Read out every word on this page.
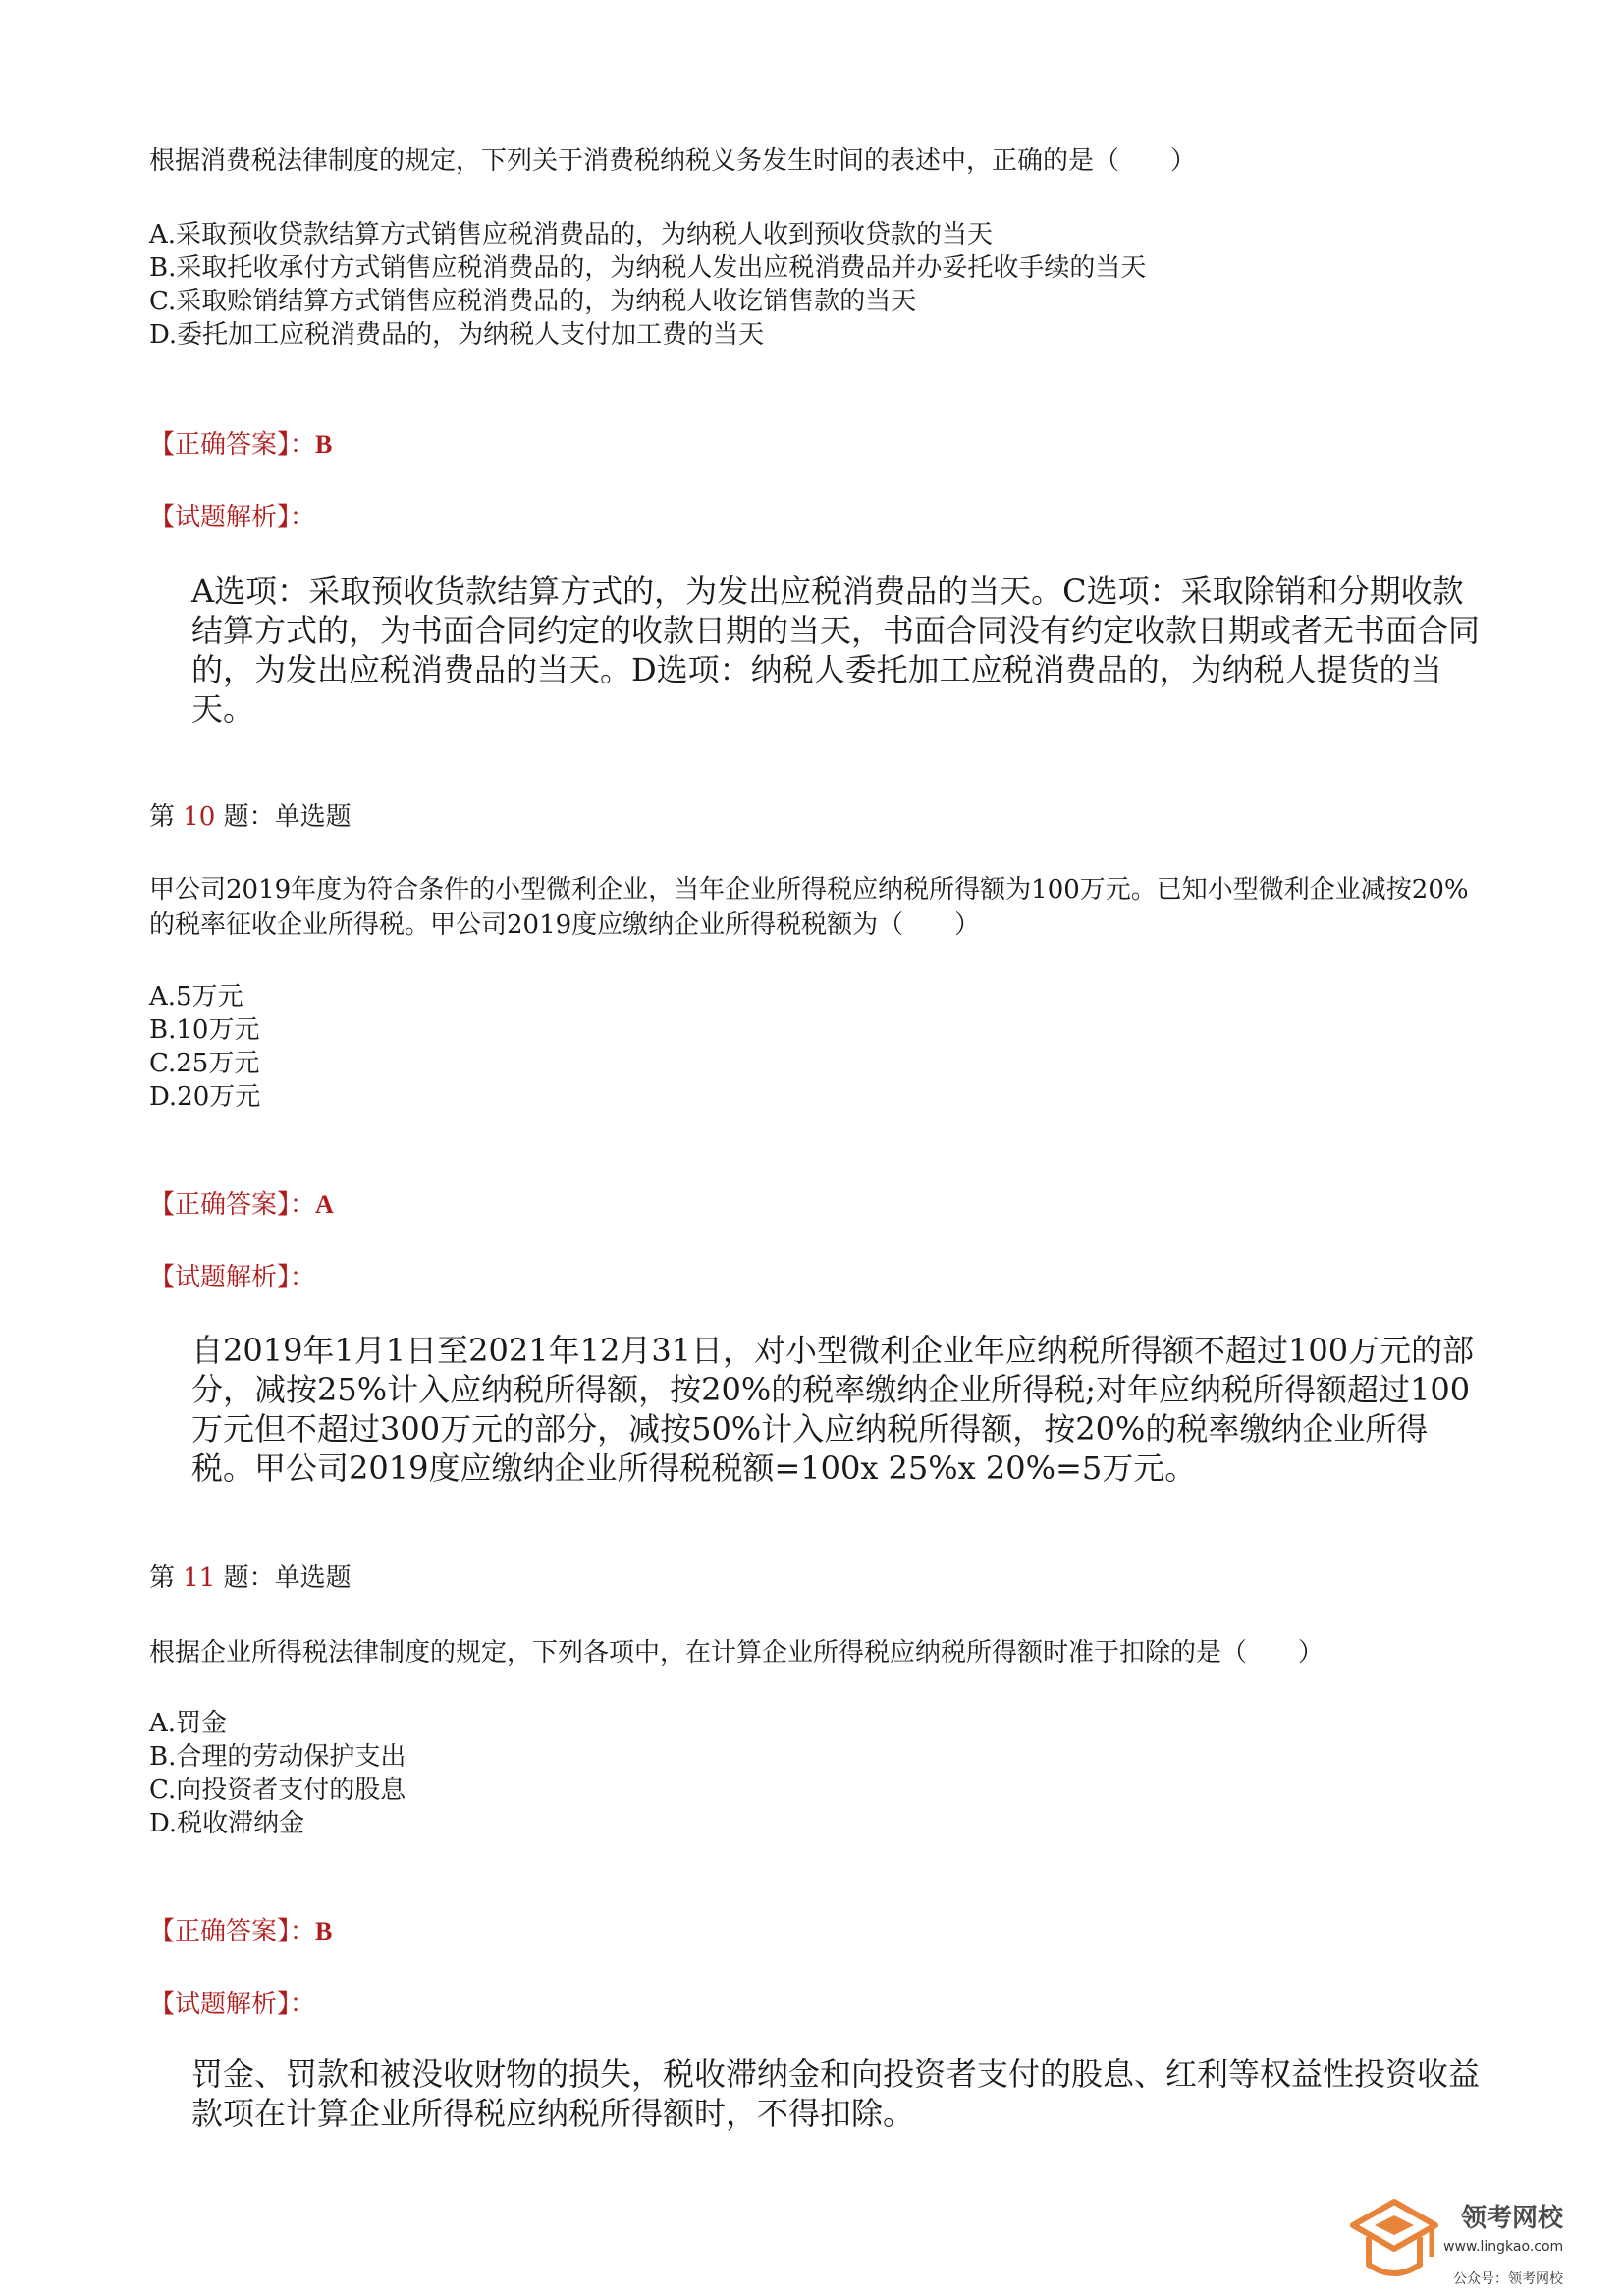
根据消费税法律制度的规定，下列关于消费税纳税义务发生时间的表述中，正确的是（　　）

A.采取预收贷款结算方式销售应税消费品的，为纳税人收到预收贷款的当天
B.采取托收承付方式销售应税消费品的，为纳税人发出应税消费品并办妥托收手续的当天
C.采取赊销结算方式销售应税消费品的，为纳税人收讫销售款的当天
D.委托加工应税消费品的，为纳税人支付加工费的当天

【正确答案】：B

【试题解析】：

A选项：采取预收货款结算方式的，为发出应税消费品的当天。C选项：采取除销和分期收款结算方式的，为书面合同约定的收款日期的当天，书面合同没有约定收款日期或者无书面合同的，为发出应税消费品的当天。D选项：纳税人委托加工应税消费品的，为纳税人提货的当天。

第 10 题：单选题

甲公司2019年度为符合条件的小型微利企业，当年企业所得税应纳税所得额为100万元。已知小型微利企业减按20%的税率征收企业所得税。甲公司2019度应缴纳企业所得税税额为（　　）

A.5万元
B.10万元
C.25万元
D.20万元

【正确答案】：A

【试题解析】：

自2019年1月1日至2021年12月31日，对小型微利企业年应纳税所得额不超过100万元的部分，减按25%计入应纳税所得额，按20%的税率缴纳企业所得税;对年应纳税所得额超过100万元但不超过300万元的部分，减按50%计入应纳税所得额，按20%的税率缴纳企业所得税。甲公司2019度应缴纳企业所得税税额=100x 25%x 20%=5万元。

第 11 题：单选题

根据企业所得税法律制度的规定，下列各项中，在计算企业所得税应纳税所得额时准于扣除的是（　　）

A.罚金
B.合理的劳动保护支出
C.向投资者支付的股息
D.税收滞纳金

【正确答案】：B

【试题解析】：

罚金、罚款和被没收财物的损失，税收滞纳金和向投资者支付的股息、红利等权益性投资收益款项在计算企业所得税应纳税所得额时，不得扣除。

领考网校
www.lingkao.com
公众号：领考网校
